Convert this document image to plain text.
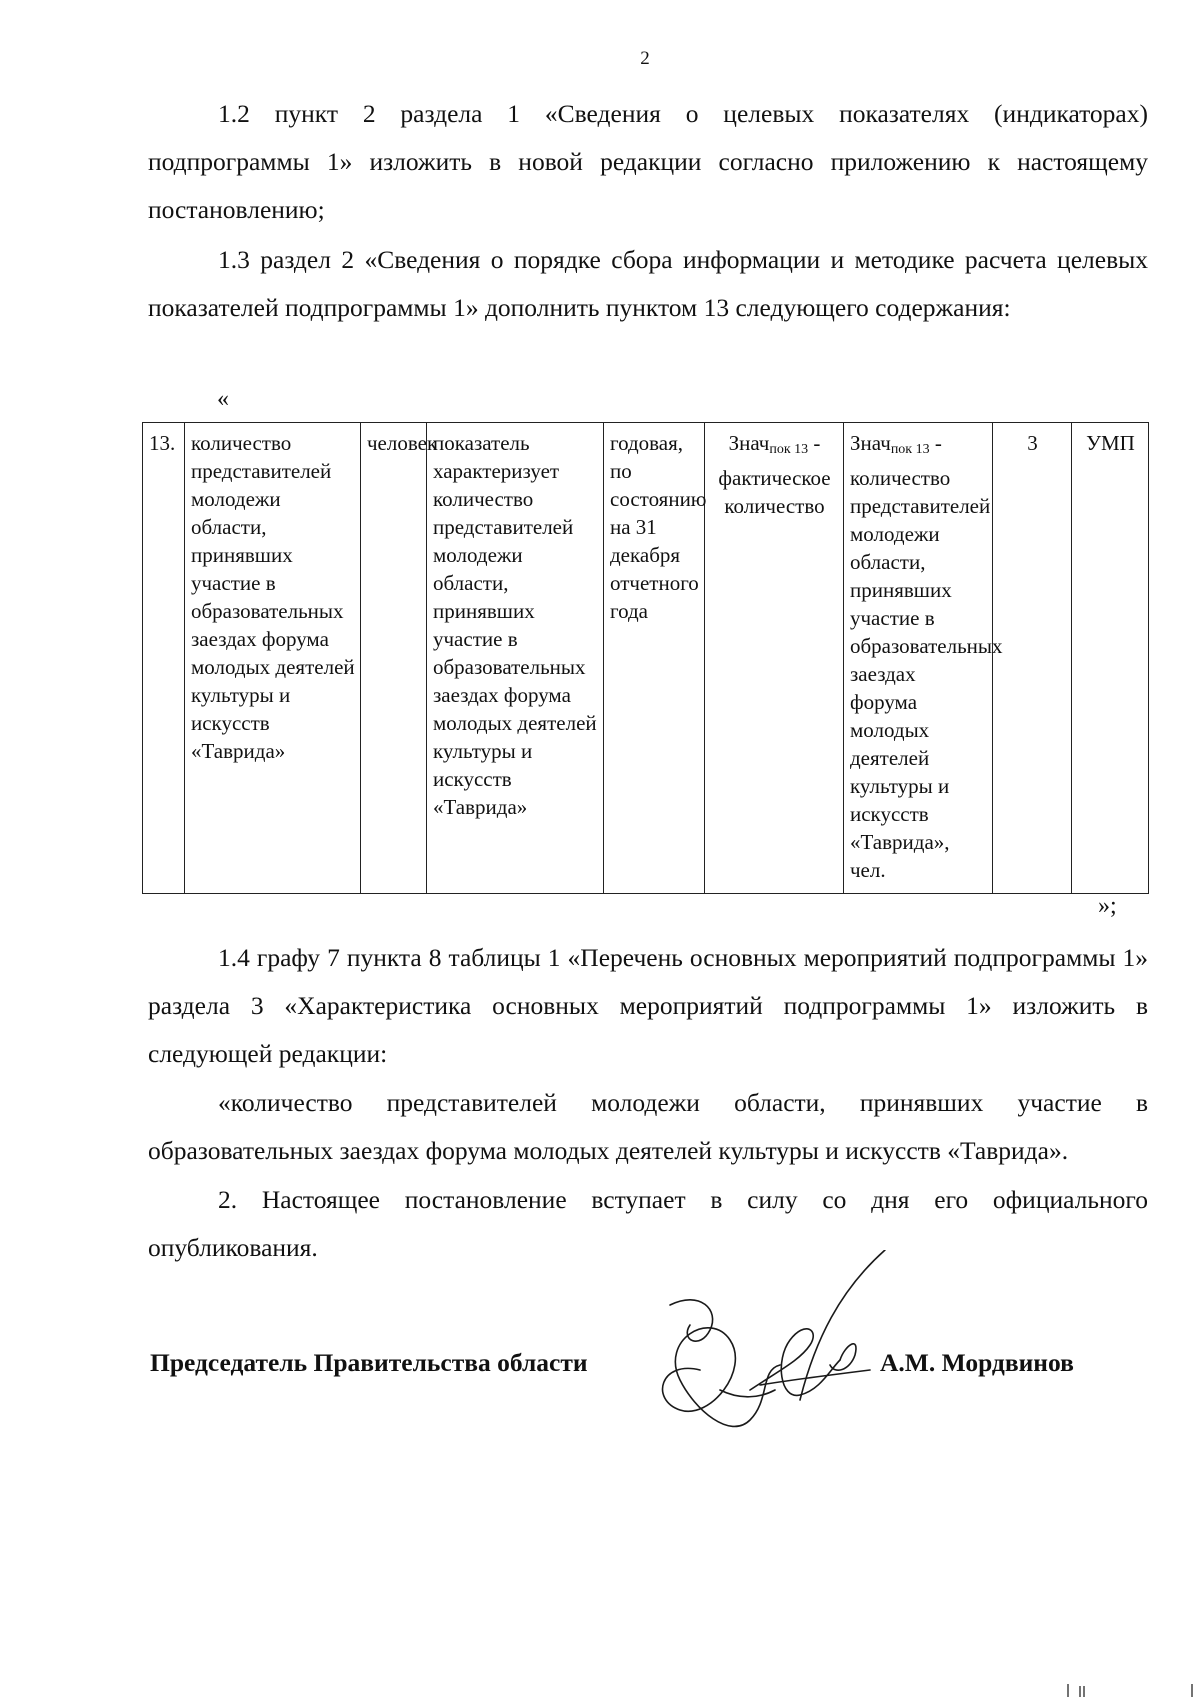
2

1.2 пункт 2 раздела 1 «Сведения о целевых показателях (индикаторах) подпрограммы 1» изложить в новой редакции согласно приложению к настоящему постановлению;

1.3 раздел 2 «Сведения о порядке сбора информации и методике расчета целевых показателей подпрограммы 1» дополнить пунктом 13 следующего содержания:

«
13.	количество представителей молодежи области, принявших участие в образовательных заездах форума молодых деятелей культуры и искусств «Таврида»	человек	показатель характеризует количество представителей молодежи области, принявших участие в образовательных заездах форума молодых деятелей культуры и искусств «Таврида»	годовая, по состоянию на 31 декабря отчетного года	Знач$_{пок 13}$ - фактическое количество	Знач$_{пок 13}$ - количество представителей молодежи области, принявших участие в образовательных заездах форума молодых деятелей культуры и искусств «Таврида», чел.	3	УМП
»;

1.4 графу 7 пункта 8 таблицы 1 «Перечень основных мероприятий подпрограммы 1» раздела 3 «Характеристика основных мероприятий подпрограммы 1» изложить в следующей редакции:

«количество представителей молодежи области, принявших участие в образовательных заездах форума молодых деятелей культуры и искусств «Таврида».

2. Настоящее постановление вступает в силу со дня его официального опубликования.

Председатель Правительства области	А.М. Мордвинов
